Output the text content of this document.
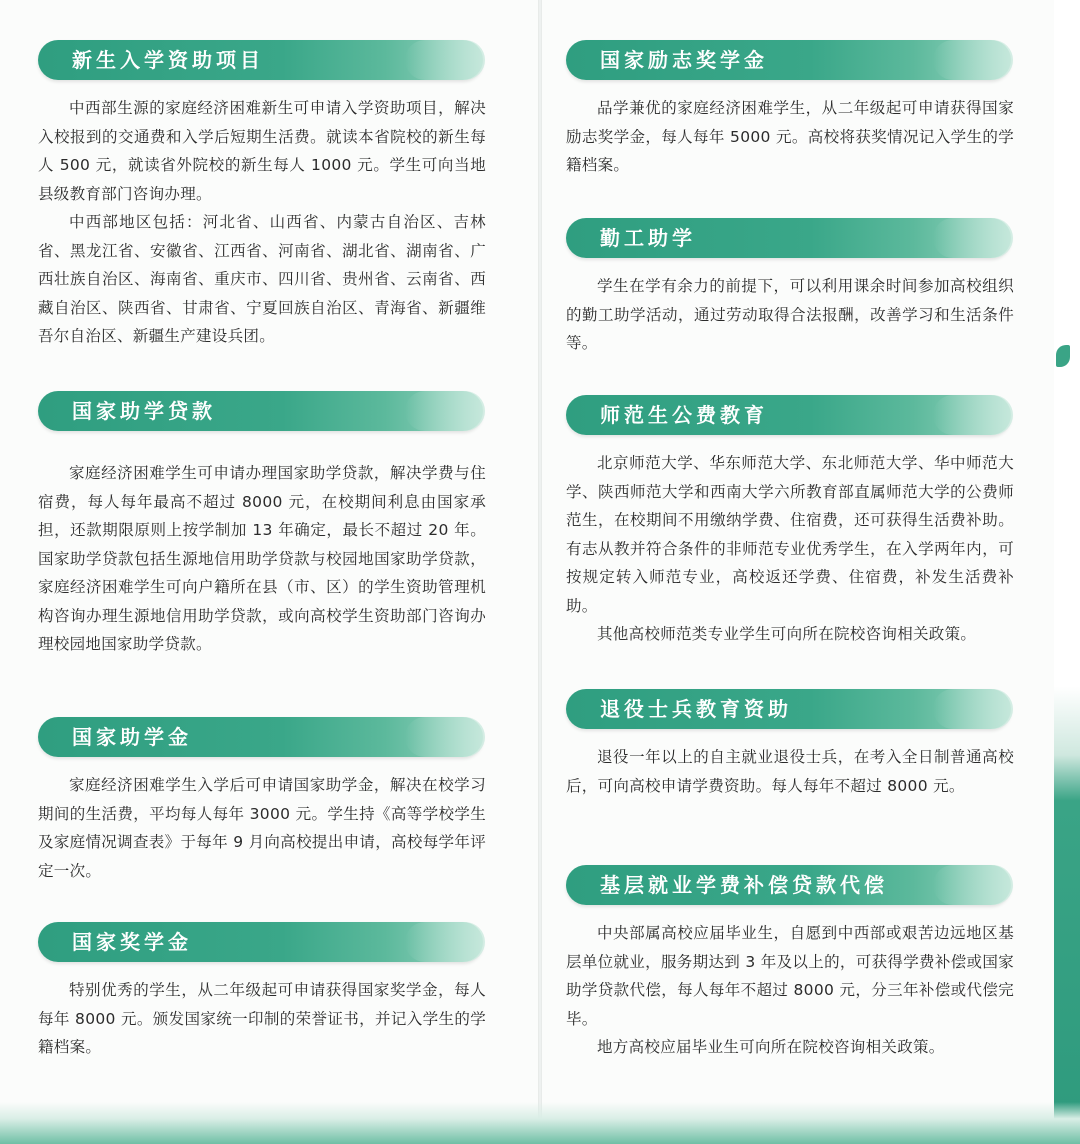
新生入学资助项目

中西部生源的家庭经济困难新生可申请入学资助项目，解决入校报到的交通费和入学后短期生活费。就读本省院校的新生每人 500 元，就读省外院校的新生每人 1000 元。学生可向当地县级教育部门咨询办理。

中西部地区包括：河北省、山西省、内蒙古自治区、吉林省、黑龙江省、安徽省、江西省、河南省、湖北省、湖南省、广西壮族自治区、海南省、重庆市、四川省、贵州省、云南省、西藏自治区、陕西省、甘肃省、宁夏回族自治区、青海省、新疆维吾尔自治区、新疆生产建设兵团。

国家助学贷款

家庭经济困难学生可申请办理国家助学贷款，解决学费与住宿费，每人每年最高不超过 8000 元，在校期间利息由国家承担，还款期限原则上按学制加 13 年确定，最长不超过 20 年。国家助学贷款包括生源地信用助学贷款与校园地国家助学贷款，家庭经济困难学生可向户籍所在县（市、区）的学生资助管理机构咨询办理生源地信用助学贷款，或向高校学生资助部门咨询办理校园地国家助学贷款。

国家助学金

家庭经济困难学生入学后可申请国家助学金，解决在校学习期间的生活费，平均每人每年 3000 元。学生持《高等学校学生及家庭情况调查表》于每年 9 月向高校提出申请，高校每学年评定一次。

国家奖学金

特别优秀的学生，从二年级起可申请获得国家奖学金，每人每年 8000 元。颁发国家统一印制的荣誉证书，并记入学生的学籍档案。

国家励志奖学金

品学兼优的家庭经济困难学生，从二年级起可申请获得国家励志奖学金，每人每年 5000 元。高校将获奖情况记入学生的学籍档案。

勤工助学

学生在学有余力的前提下，可以利用课余时间参加高校组织的勤工助学活动，通过劳动取得合法报酬，改善学习和生活条件等。

师范生公费教育

北京师范大学、华东师范大学、东北师范大学、华中师范大学、陕西师范大学和西南大学六所教育部直属师范大学的公费师范生，在校期间不用缴纳学费、住宿费，还可获得生活费补助。有志从教并符合条件的非师范专业优秀学生，在入学两年内，可按规定转入师范专业，高校返还学费、住宿费，补发生活费补助。

其他高校师范类专业学生可向所在院校咨询相关政策。

退役士兵教育资助

退役一年以上的自主就业退役士兵，在考入全日制普通高校后，可向高校申请学费资助。每人每年不超过 8000 元。

基层就业学费补偿贷款代偿

中央部属高校应届毕业生，自愿到中西部或艰苦边远地区基层单位就业，服务期达到 3 年及以上的，可获得学费补偿或国家助学贷款代偿，每人每年不超过 8000 元，分三年补偿或代偿完毕。

地方高校应届毕业生可向所在院校咨询相关政策。
